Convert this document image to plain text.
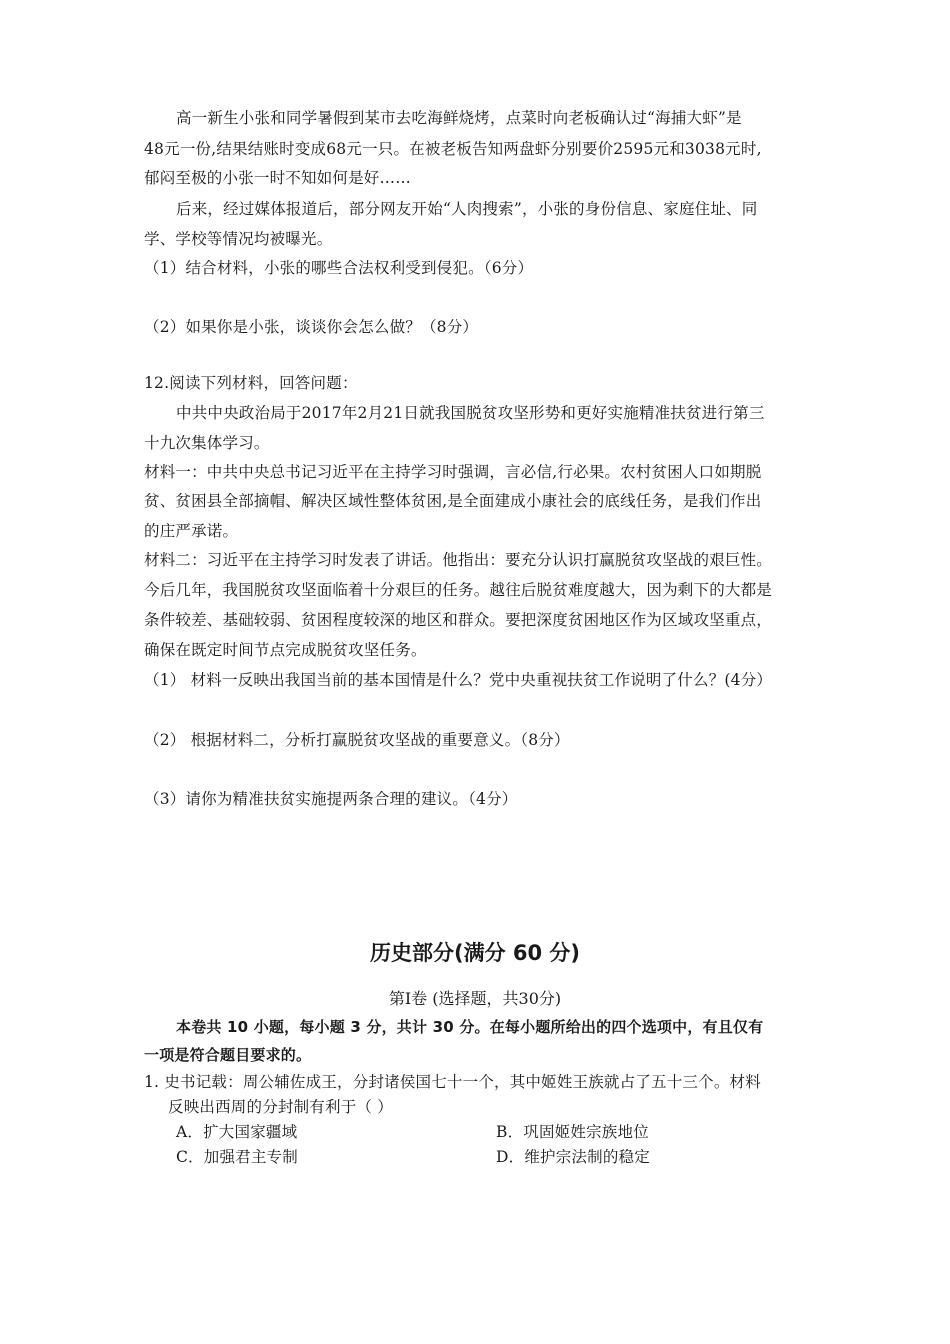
高一新生小张和同学暑假到某市去吃海鲜烧烤，点菜时向老板确认过“海捕大虾”是
48元一份,结果结账时变成68元一只。在被老板告知两盘虾分别要价2595元和3038元时,
郁闷至极的小张一时不知如何是好……
后来，经过媒体报道后，部分网友开始“人肉搜索”，小张的身份信息、家庭住址、同
学、学校等情况均被曝光。
（1）结合材料，小张的哪些合法权利受到侵犯。（6分）
（2）如果你是小张，谈谈你会怎么做？（8分）
12.阅读下列材料，回答问题：
中共中央政治局于2017年2月21日就我国脱贫攻坚形势和更好实施精准扶贫进行第三
十九次集体学习。
材料一：中共中央总书记习近平在主持学习时强调，言必信,行必果。农村贫困人口如期脱
贫、贫困县全部摘帽、解决区域性整体贫困,是全面建成小康社会的底线任务，是我们作出
的庄严承诺。
材料二：习近平在主持学习时发表了讲话。他指出：要充分认识打赢脱贫攻坚战的艰巨性。
今后几年，我国脱贫攻坚面临着十分艰巨的任务。越往后脱贫难度越大，因为剩下的大都是
条件较差、基础较弱、贫困程度较深的地区和群众。要把深度贫困地区作为区域攻坚重点，
确保在既定时间节点完成脱贫攻坚任务。
（1） 材料一反映出我国当前的基本国情是什么？党中央重视扶贫工作说明了什么？(4分）
（2） 根据材料二，分析打赢脱贫攻坚战的重要意义。（8分）
（3）请你为精准扶贫实施提两条合理的建议。（4分）
历史部分(满分 60 分)
第Ⅰ卷 (选择题，共30分)
本卷共 10 小题，每小题 3 分，共计 30 分。在每小题所给出的四个选项中，有且仅有
一项是符合题目要求的。
1. 史书记载：周公辅佐成王，分封诸侯国七十一个，其中姬姓王族就占了五十三个。材料
反映出西周的分封制有利于（ ）
A．扩大国家疆域	B．巩固姬姓宗族地位
C．加强君主专制	D．维护宗法制的稳定
